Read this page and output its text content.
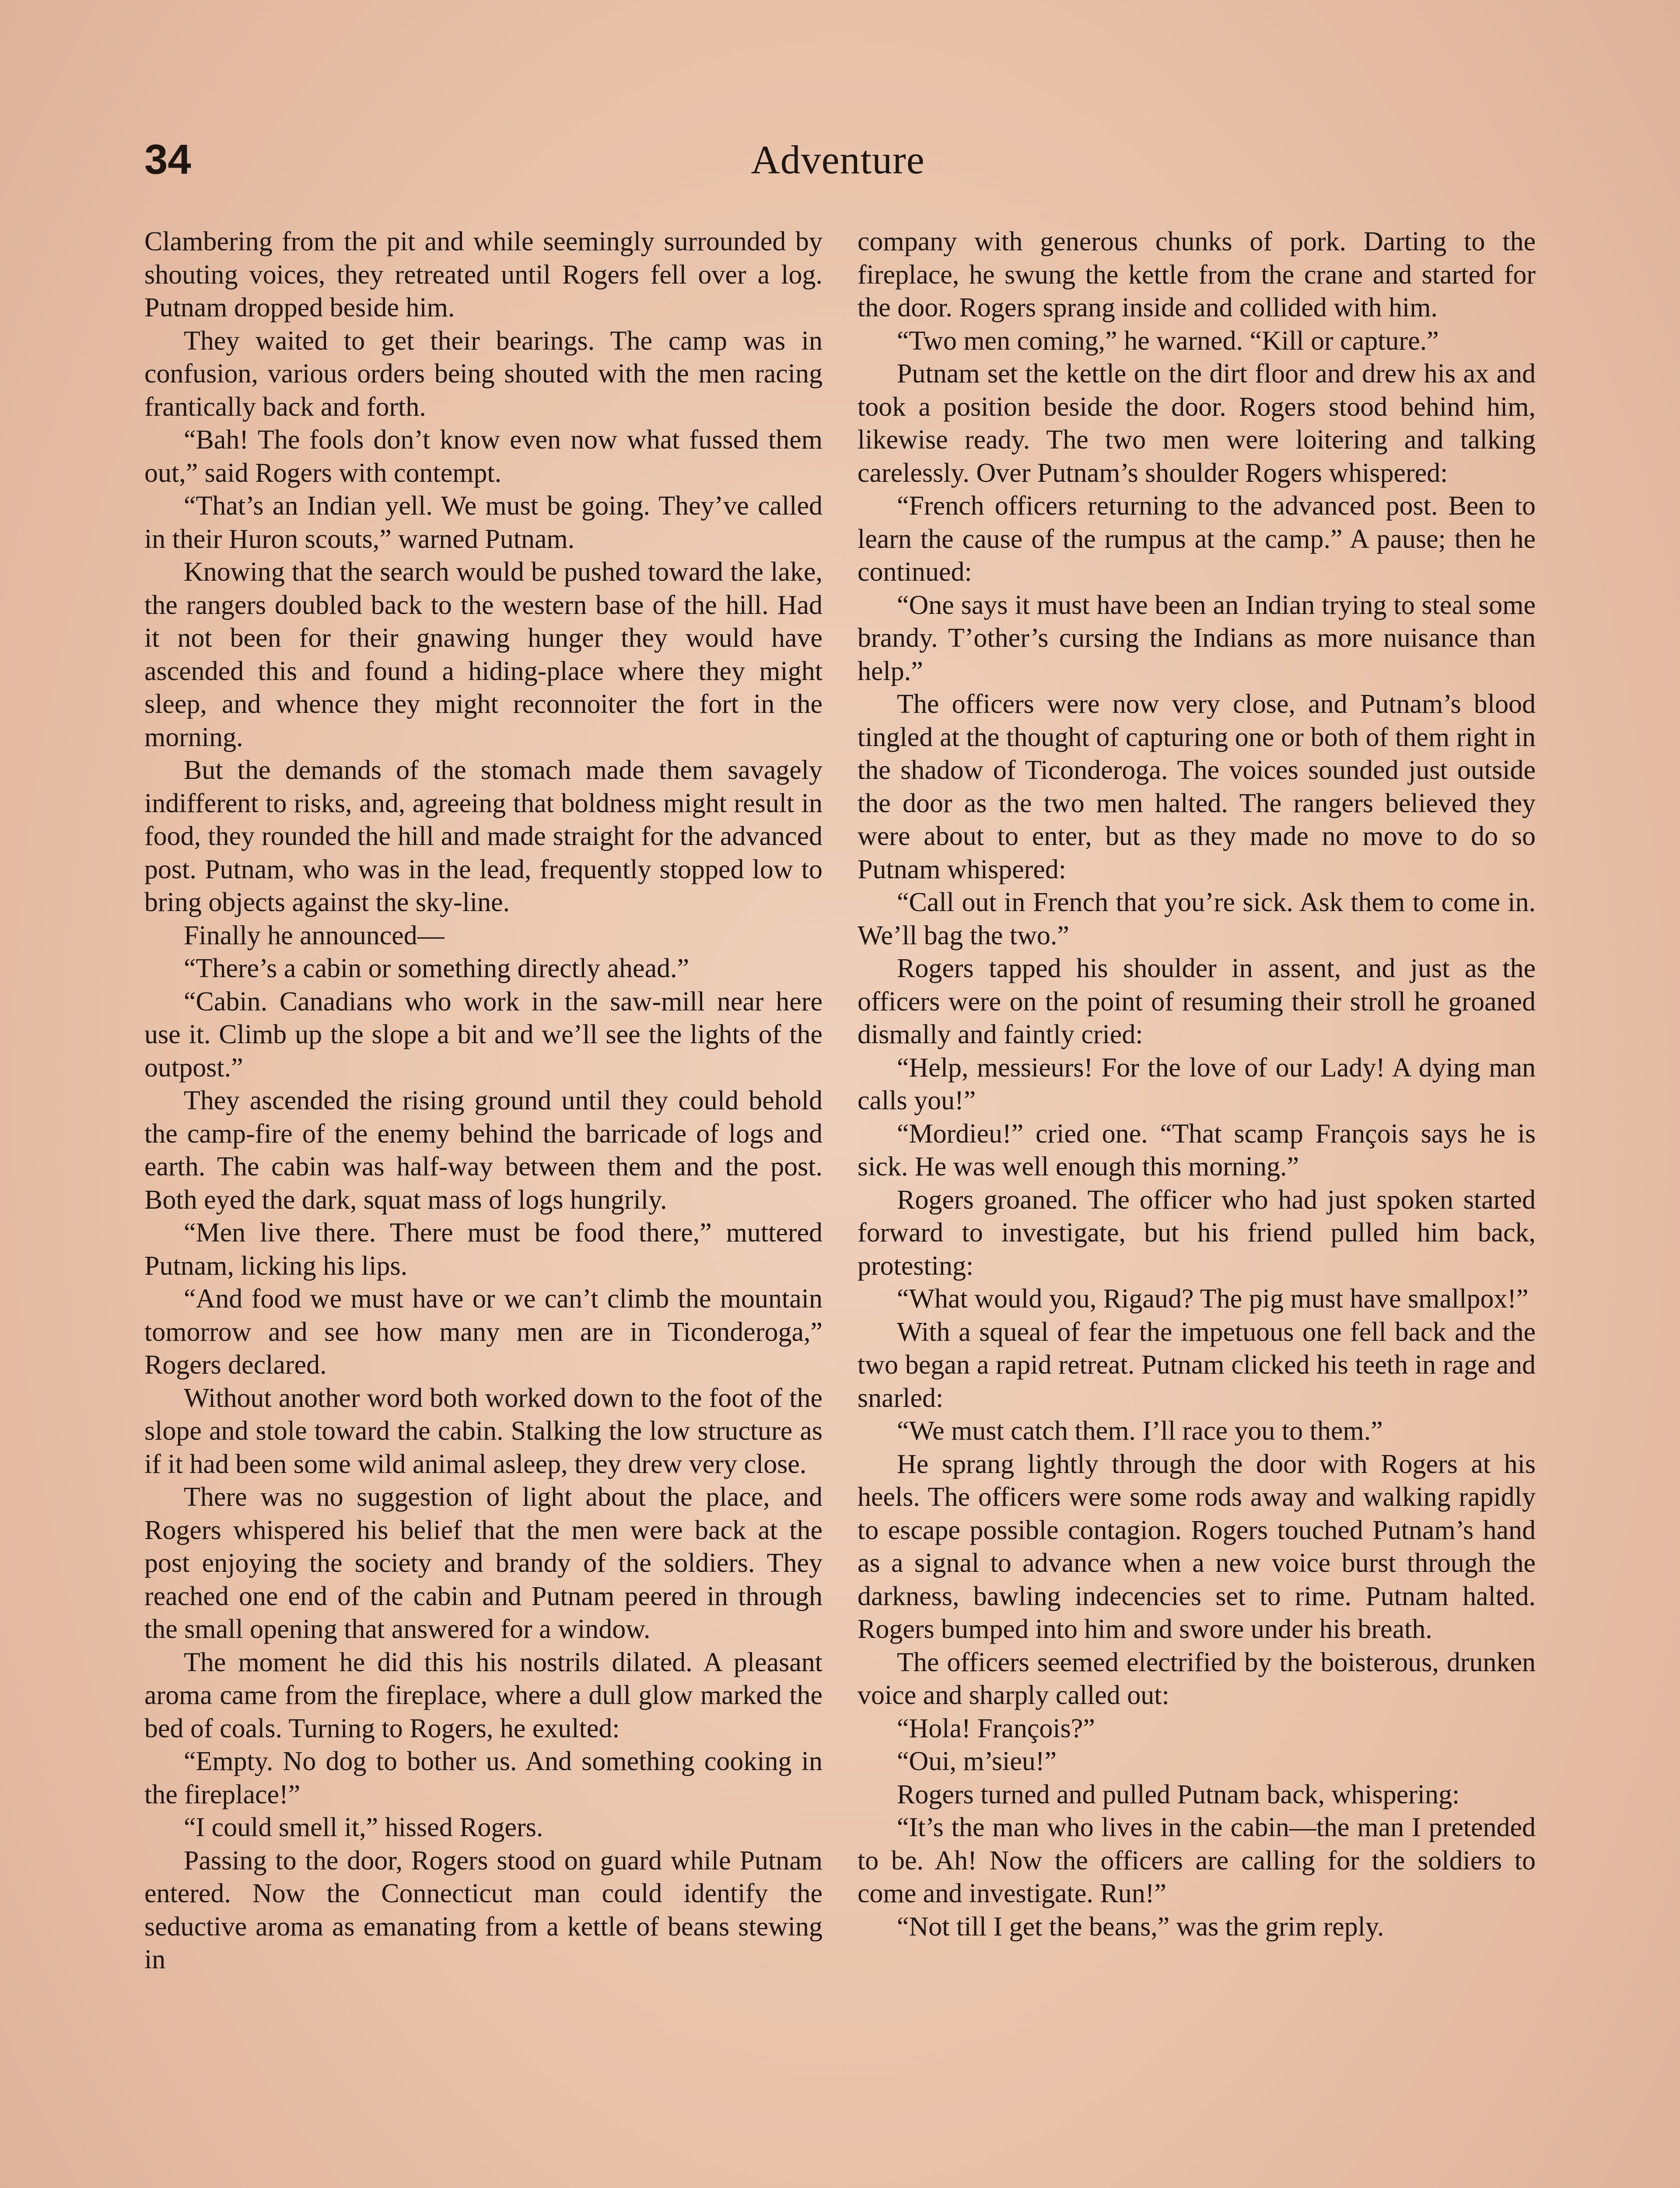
34	Adventure

Clambering from the pit and while seemingly surrounded by shouting voices, they retreated until Rogers fell over a log. Putnam dropped beside him.

They waited to get their bearings. The camp was in confusion, various orders being shouted with the men racing frantically back and forth.

“Bah! The fools don’t know even now what fussed them out,” said Rogers with contempt.

“That’s an Indian yell. We must be going. They’ve called in their Huron scouts,” warned Putnam.

Knowing that the search would be pushed toward the lake, the rangers doubled back to the western base of the hill. Had it not been for their gnawing hunger they would have ascended this and found a hiding-place where they might sleep, and whence they might reconnoiter the fort in the morning.

But the demands of the stomach made them savagely indifferent to risks, and, agreeing that boldness might result in food, they rounded the hill and made straight for the advanced post. Putnam, who was in the lead, frequently stopped low to bring objects against the sky-line.

Finally he announced—

“There’s a cabin or something directly ahead.”

“Cabin. Canadians who work in the saw-mill near here use it. Climb up the slope a bit and we’ll see the lights of the outpost.”

They ascended the rising ground until they could behold the camp-fire of the enemy behind the barricade of logs and earth. The cabin was half-way between them and the post. Both eyed the dark, squat mass of logs hungrily.

“Men live there. There must be food there,” muttered Putnam, licking his lips.

“And food we must have or we can’t climb the mountain tomorrow and see how many men are in Ticonderoga,” Rogers declared.

Without another word both worked down to the foot of the slope and stole toward the cabin. Stalking the low structure as if it had been some wild animal asleep, they drew very close.

There was no suggestion of light about the place, and Rogers whispered his belief that the men were back at the post enjoying the society and brandy of the soldiers. They reached one end of the cabin and Putnam peered in through the small opening that answered for a window.

The moment he did this his nostrils dilated. A pleasant aroma came from the fireplace, where a dull glow marked the bed of coals. Turning to Rogers, he exulted:

“Empty. No dog to bother us. And something cooking in the fireplace!”

“I could smell it,” hissed Rogers.

Passing to the door, Rogers stood on guard while Putnam entered. Now the Connecticut man could identify the seductive aroma as emanating from a kettle of beans stewing in

company with generous chunks of pork. Darting to the fireplace, he swung the kettle from the crane and started for the door. Rogers sprang inside and collided with him.

“Two men coming,” he warned. “Kill or capture.”

Putnam set the kettle on the dirt floor and drew his ax and took a position beside the door. Rogers stood behind him, likewise ready. The two men were loitering and talking carelessly. Over Putnam’s shoulder Rogers whispered:

“French officers returning to the advanced post. Been to learn the cause of the rumpus at the camp.” A pause; then he continued:

“One says it must have been an Indian trying to steal some brandy. T’other’s cursing the Indians as more nuisance than help.”

The officers were now very close, and Putnam’s blood tingled at the thought of capturing one or both of them right in the shadow of Ticonderoga. The voices sounded just outside the door as the two men halted. The rangers believed they were about to enter, but as they made no move to do so Putnam whispered:

“Call out in French that you’re sick. Ask them to come in. We’ll bag the two.”

Rogers tapped his shoulder in assent, and just as the officers were on the point of resuming their stroll he groaned dismally and faintly cried:

“Help, messieurs! For the love of our Lady! A dying man calls you!”

“Mordieu!” cried one. “That scamp François says he is sick. He was well enough this morning.”

Rogers groaned. The officer who had just spoken started forward to investigate, but his friend pulled him back, protesting:

“What would you, Rigaud? The pig must have smallpox!”

With a squeal of fear the impetuous one fell back and the two began a rapid retreat. Putnam clicked his teeth in rage and snarled:

“We must catch them. I’ll race you to them.”

He sprang lightly through the door with Rogers at his heels. The officers were some rods away and walking rapidly to escape possible contagion. Rogers touched Putnam’s hand as a signal to advance when a new voice burst through the darkness, bawling indecencies set to rime. Putnam halted. Rogers bumped into him and swore under his breath.

The officers seemed electrified by the boisterous, drunken voice and sharply called out:

“Hola! François?”

“Oui, m’sieu!”

Rogers turned and pulled Putnam back, whispering:

“It’s the man who lives in the cabin—the man I pretended to be. Ah! Now the officers are calling for the soldiers to come and investigate. Run!”

“Not till I get the beans,” was the grim reply.
